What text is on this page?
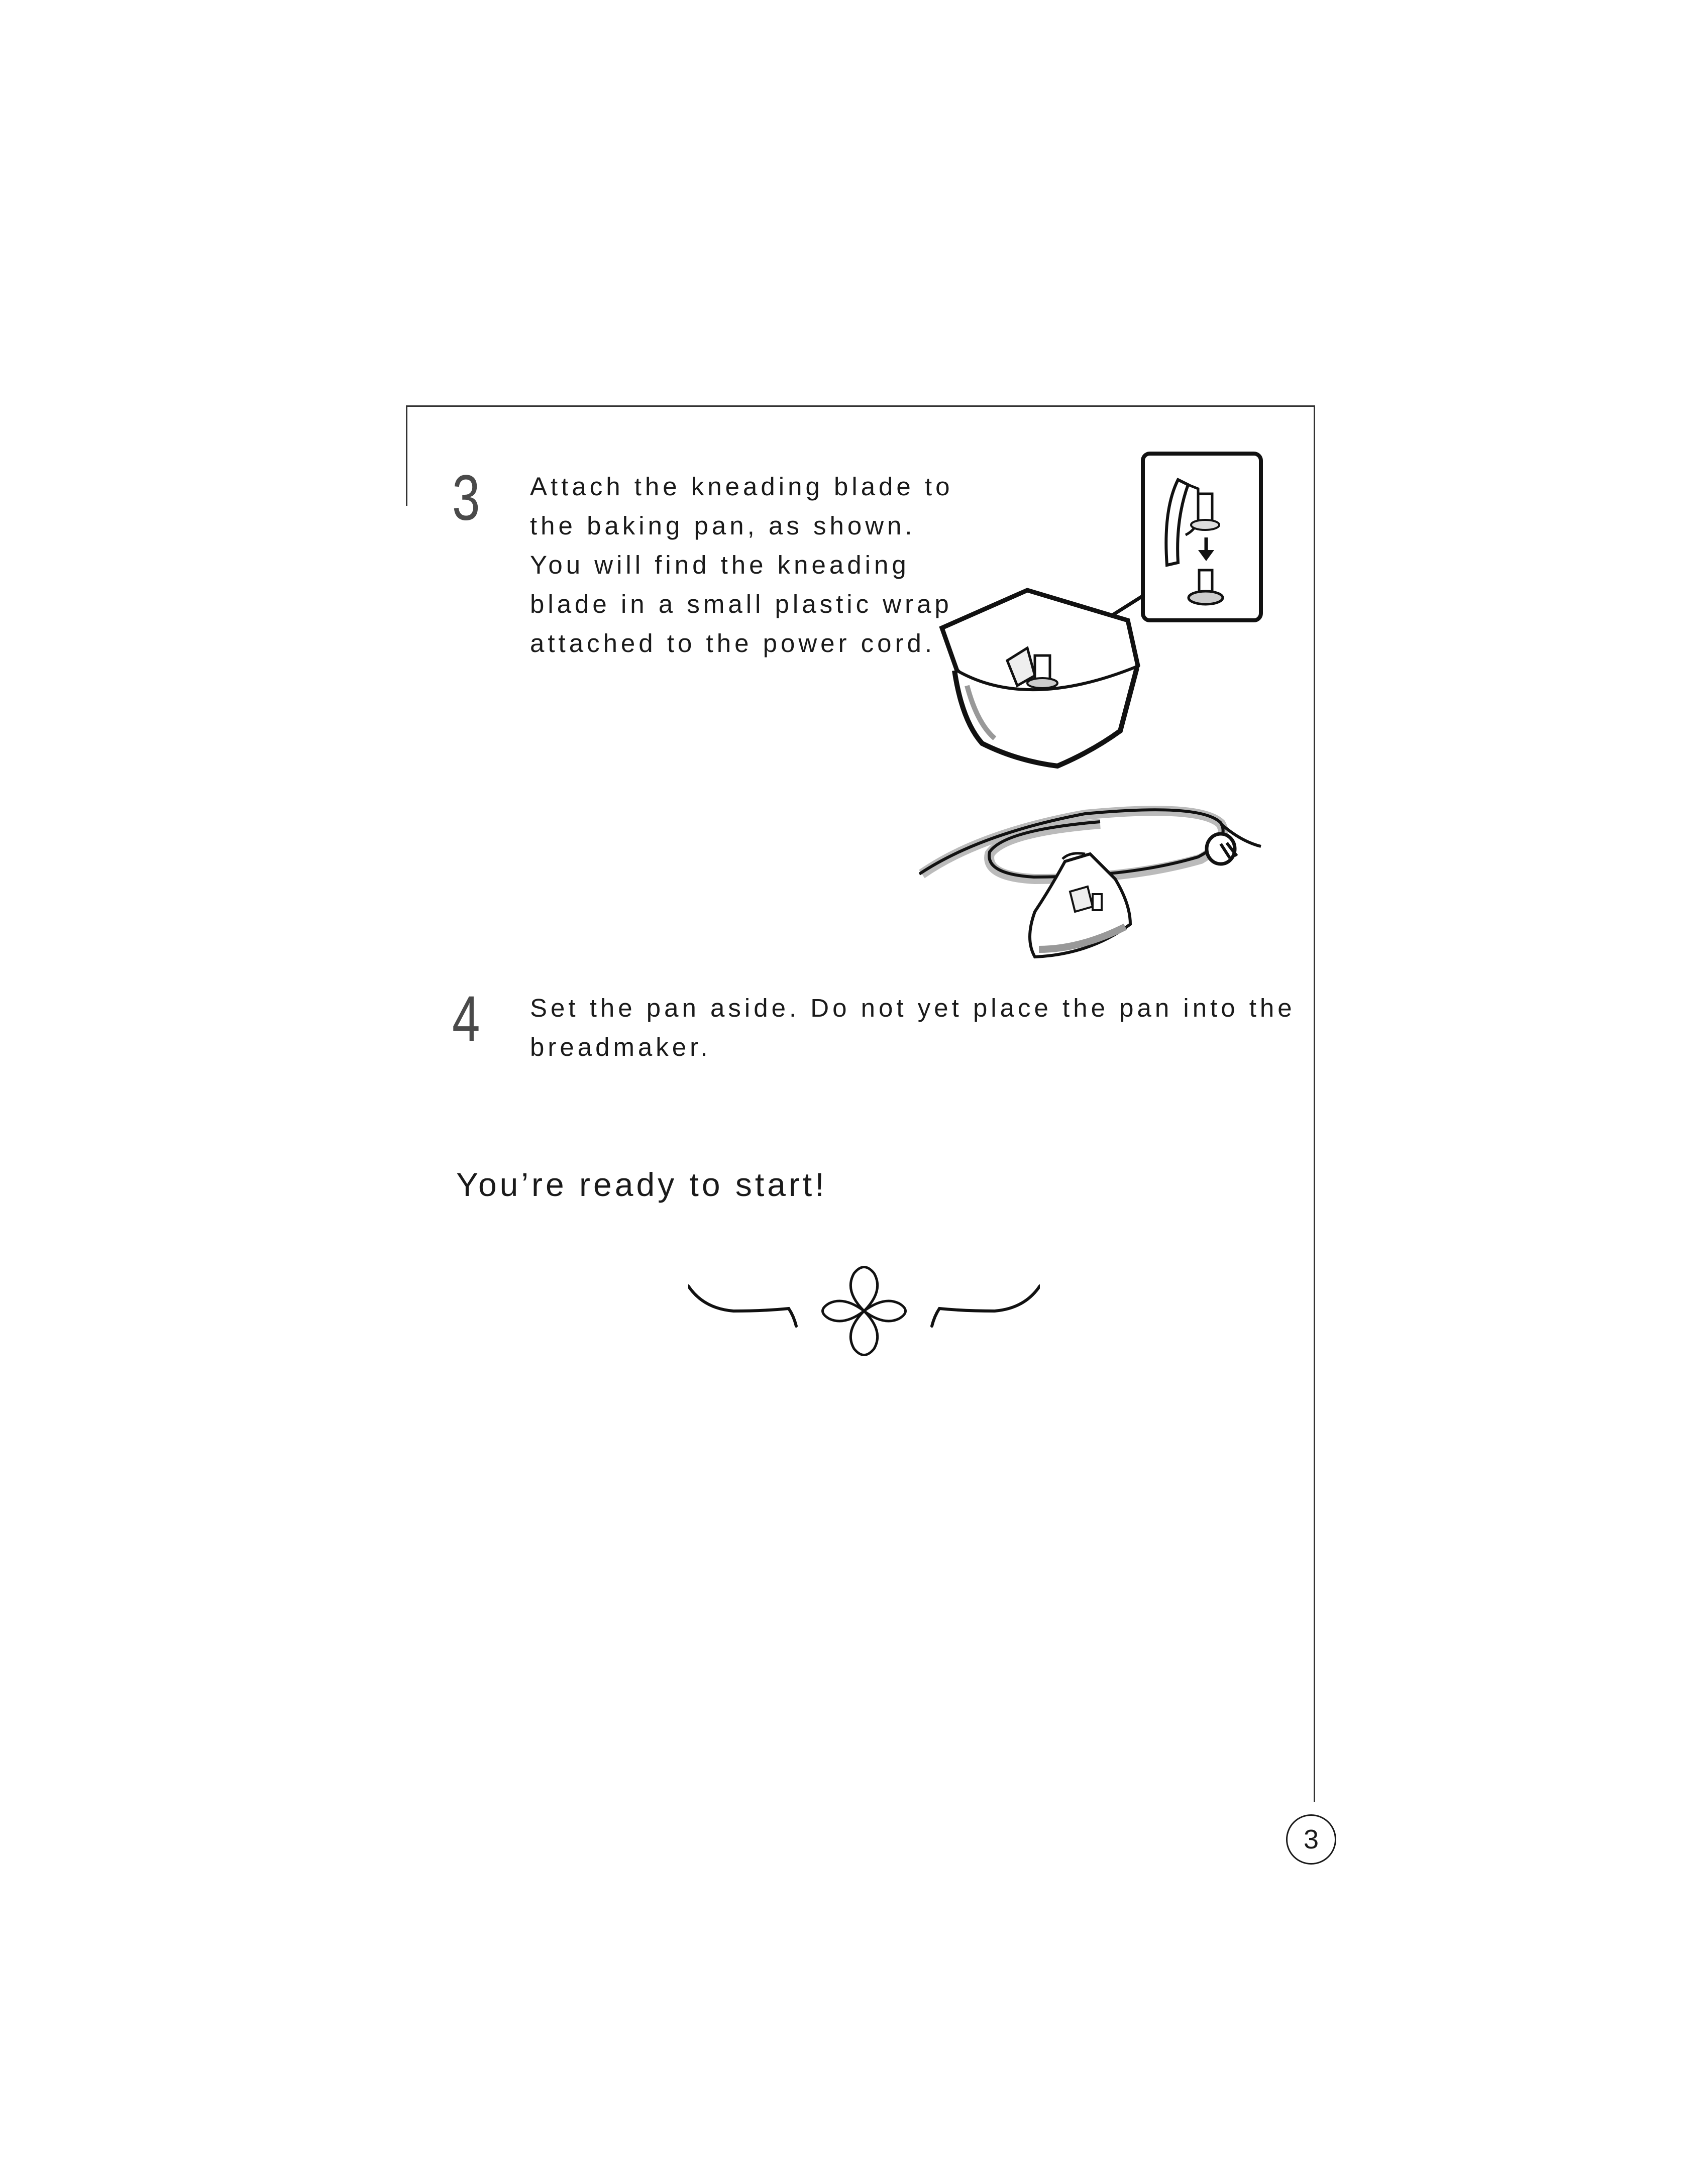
3 Attach the kneading blade to
the baking pan, as shown.
You will find the kneading
blade in a small plastic wrap
attached to the power cord.

4 Set the pan aside. Do not yet place the pan into the
breadmaker.

You’re ready to start!
3
